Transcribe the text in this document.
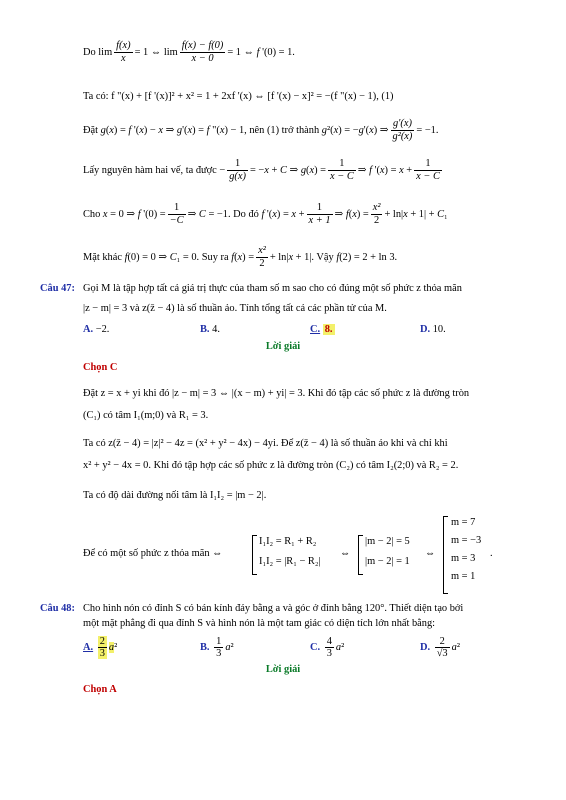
Do $\lim \frac{f(x)}{x} = 1$ ⇔ $\lim \frac{f(x) - f(0)}{x - 0} = 1$ ⇔ f '(0) = 1.
Ta có: f "(x) + [f '(x)]² + x² = 1 + 2xf '(x) ⇔ [f '(x) − x]² = −(f "(x) − 1), (1)
Đặt g(x) = f '(x) − x ⇒ g'(x) = f "(x) − 1, nên (1) trở thành g²(x) = −g'(x) ⇒ $\frac{g'(x)}{\text{g²(x)}} = -1$.
Lấy nguyên hàm hai vế, ta được − $\frac{1}{g(x)} = -x + C$ ⇒ $g(x) = \frac{1}{x - C}$ ⇒ f '$(x) = x + \frac{1}{x - C}$
Cho x = 0 ⇒ f '$(0) = \frac{1}{-C}$ ⇒ C = −1. Do đó f '$(x) = x + \frac{1}{x + 1}$ ⇒ $f(x) = \frac{\text{x²}}{2} + \ln|x + 1| + C_1$
Mặt khác f(0) = 0 ⇒ C₁ = 0. Suy ra $f(x) = \frac{\text{x²}}{2} + \ln|x + 1|$. Vậy f(2) = 2 + ln 3.
Câu 47: Gọi M là tập hợp tất cả giá trị thực của tham số m sao cho có đúng một số phức z thỏa mãn
|z − m| = 3 và z(z̄ − 4) là số thuần ảo. Tính tổng tất cả các phần tử của M.
A. −2.	B. 4.	C. 8.	D. 10.
Lời giải
Chọn C
Đặt z = x + yi khi đó |z − m| = 3 ⇔ |(x − m) + yi| = 3. Khi đó tập các số phức z là đường tròn
(C₁) có tâm I₁(m;0) và R₁ = 3.
Ta có z(z̄ − 4) = |z|² − 4z = (x² + y² − 4x) − 4yi. Để z(z̄ − 4) là số thuần ảo khi và chỉ khi
x² + y² − 4x = 0. Khi đó tập hợp các số phức z là đường tròn (C₂) có tâm I₂(2;0) và R₂ = 2.
Ta có độ dài đường nối tâm là I₁I₂ = |m − 2|.
Để có một số phức z thỏa mãn ⇔
I₁I₂ = R₁ + R₂
I₁I₂ = |R₁ − R₂|
⇔
|m − 2| = 5
|m − 2| = 1
⇔
m = 7
m = −3
m = 3
m = 1
.
Câu 48: Cho hình nón có đỉnh S có bán kính đáy bằng a và góc ở đỉnh bằng 120°. Thiết diện tạo bởi
một mặt phẳng đi qua đỉnh S và hình nón là một tam giác có diện tích lớn nhất bằng:
A. $\frac{2}{3} a^2$	B. $\frac{1}{3} a^2$	C. $\frac{4}{3} a^2$	D. $\frac{2}{√3} a^2$
Lời giải
Chọn A
